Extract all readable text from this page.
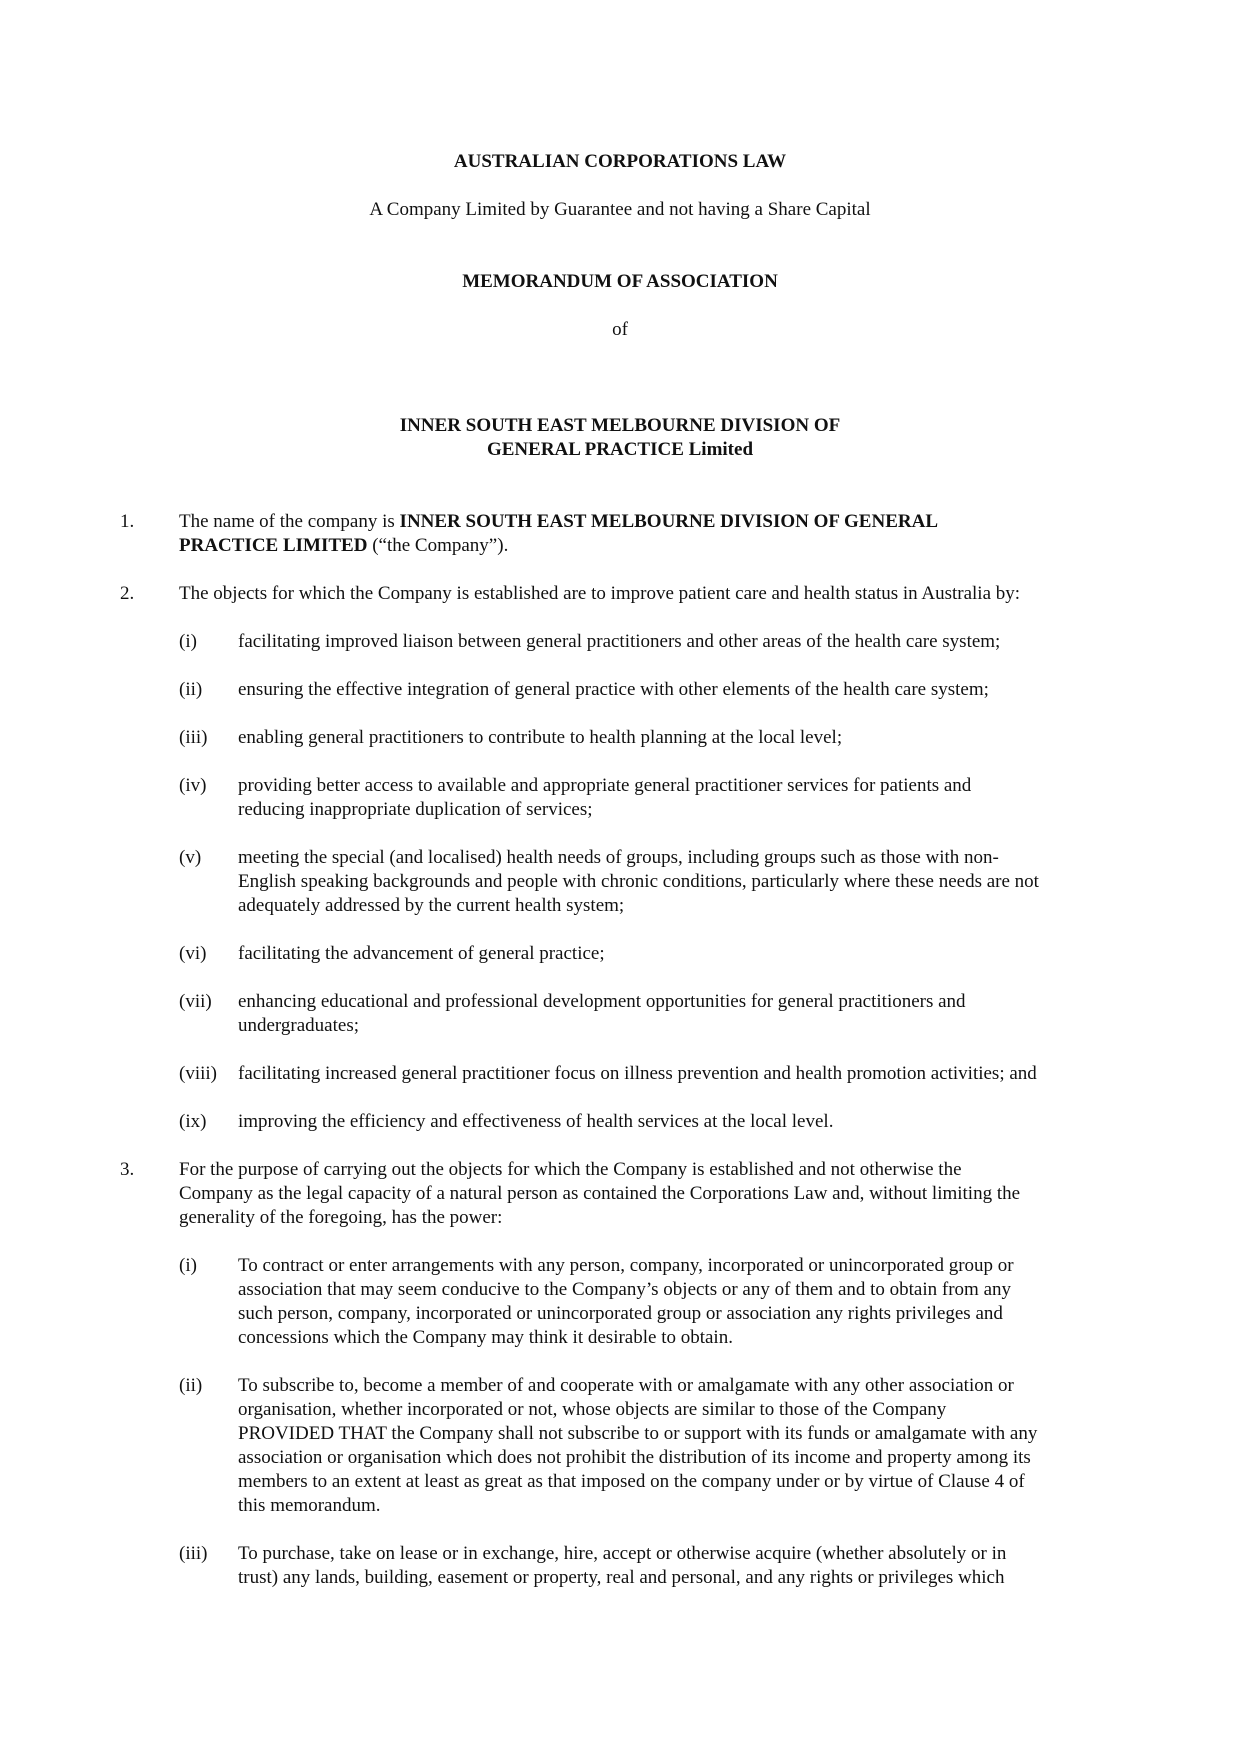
AUSTRALIAN CORPORATIONS LAW
A Company Limited by Guarantee and not having a Share Capital
MEMORANDUM OF ASSOCIATION
of
INNER SOUTH EAST MELBOURNE DIVISION OF
GENERAL PRACTICE Limited
1. The name of the company is INNER SOUTH EAST MELBOURNE DIVISION OF GENERAL
PRACTICE LIMITED (“the Company”).
2. The objects for which the Company is established are to improve patient care and health status in Australia by:
(i) facilitating improved liaison between general practitioners and other areas of the health care system;
(ii) ensuring the effective integration of general practice with other elements of the health care system;
(iii) enabling general practitioners to contribute to health planning at the local level;
(iv) providing better access to available and appropriate general practitioner services for patients and
reducing inappropriate duplication of services;
(v) meeting the special (and localised) health needs of groups, including groups such as those with non-
English speaking backgrounds and people with chronic conditions, particularly where these needs are not
adequately addressed by the current health system;
(vi) facilitating the advancement of general practice;
(vii) enhancing educational and professional development opportunities for general practitioners and
undergraduates;
(viii) facilitating increased general practitioner focus on illness prevention and health promotion activities; and
(ix) improving the efficiency and effectiveness of health services at the local level.
3. For the purpose of carrying out the objects for which the Company is established and not otherwise the
Company as the legal capacity of a natural person as contained the Corporations Law and, without limiting the
generality of the foregoing, has the power:
(i) To contract or enter arrangements with any person, company, incorporated or unincorporated group or
association that may seem conducive to the Company’s objects or any of them and to obtain from any
such person, company, incorporated or unincorporated group or association any rights privileges and
concessions which the Company may think it desirable to obtain.
(ii) To subscribe to, become a member of and cooperate with or amalgamate with any other association or
organisation, whether incorporated or not, whose objects are similar to those of the Company
PROVIDED THAT the Company shall not subscribe to or support with its funds or amalgamate with any
association or organisation which does not prohibit the distribution of its income and property among its
members to an extent at least as great as that imposed on the company under or by virtue of Clause 4 of
this memorandum.
(iii) To purchase, take on lease or in exchange, hire, accept or otherwise acquire (whether absolutely or in
trust) any lands, building, easement or property, real and personal, and any rights or privileges which
